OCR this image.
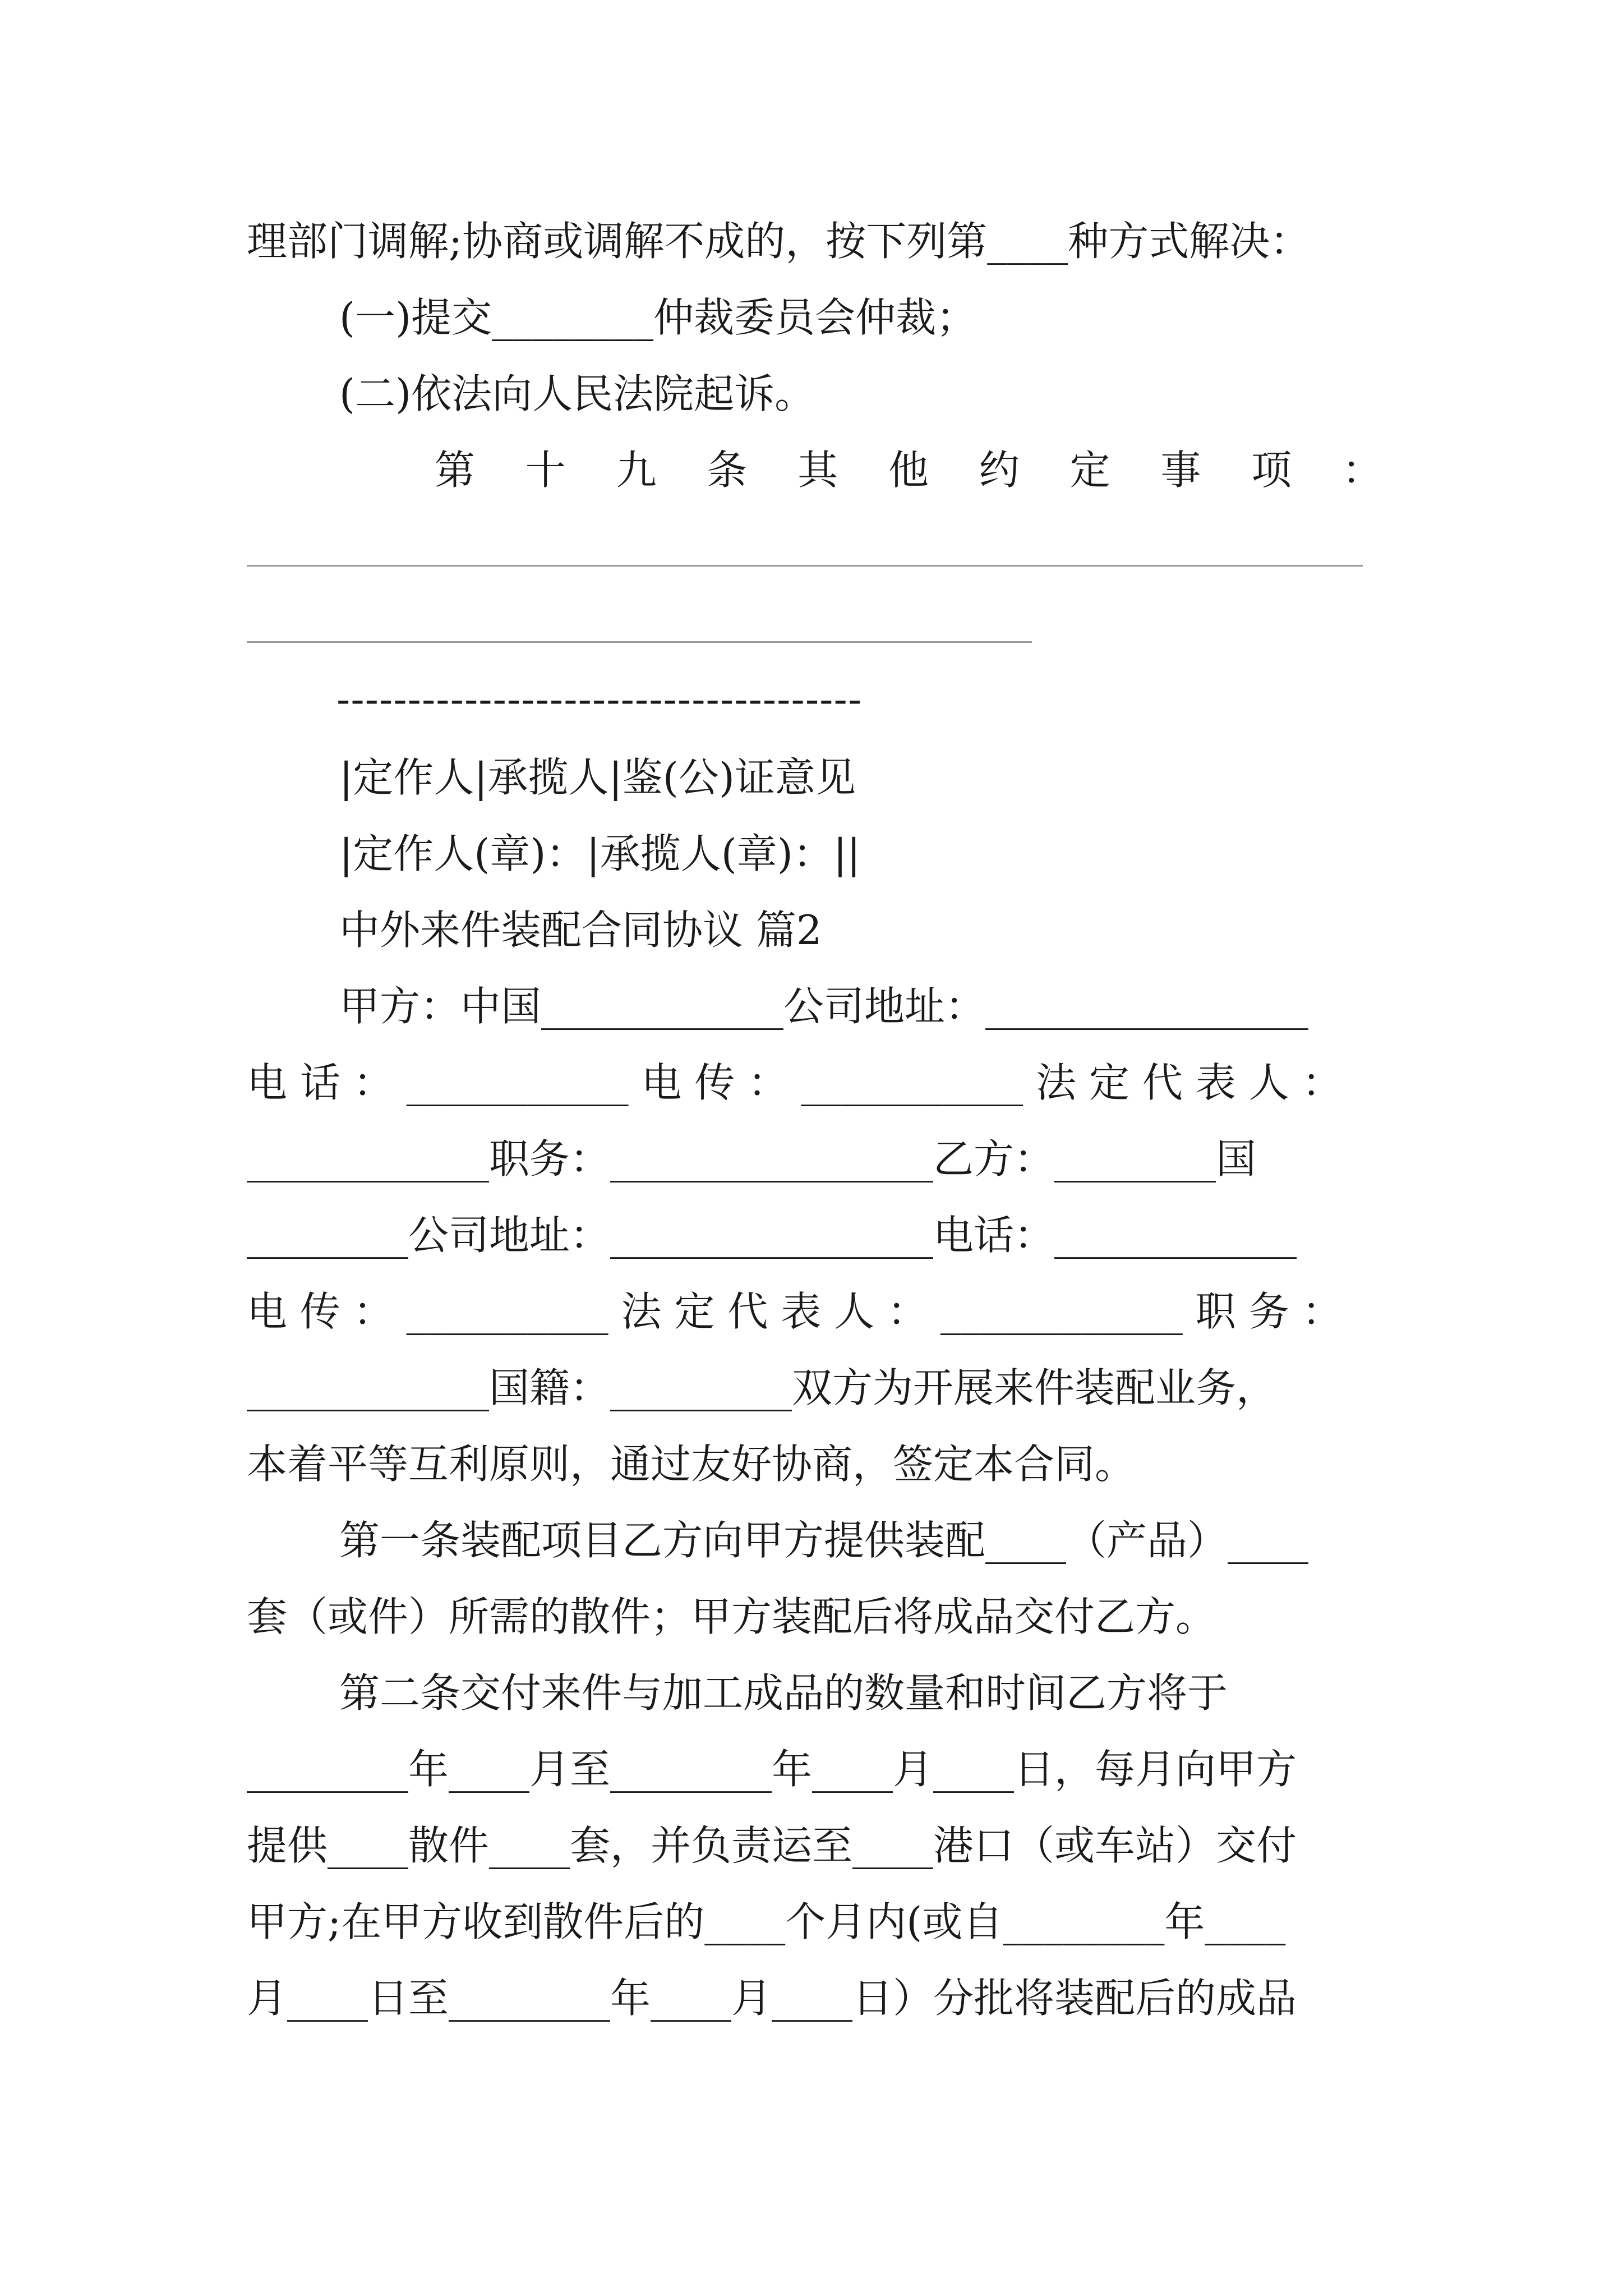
理部门调解;协商或调解不成的，按下列第____种方式解决：
(一)提交________仲裁委员会仲裁；
(二)依法向人民法院起诉。
第 十 九 条 其 他 约 定 事 项 ：
-------------------------------------
|定作人|承揽人|鉴(公)证意见
|定作人(章)：|承揽人(章)：||
中外来件装配合同协议 篇2
甲方：中国____________公司地址：________________
电 话 ： ___________ 电 传 ： ___________ 法 定 代 表 人 ：
____________职务：________________乙方：________国
________公司地址：________________电话：____________
电 传 ： __________ 法 定 代 表 人 ： ____________ 职 务 ：
____________国籍：_________双方为开展来件装配业务，
本着平等互利原则，通过友好协商，签定本合同。
第一条装配项目乙方向甲方提供装配____（产品）____
套（或件）所需的散件；甲方装配后将成品交付乙方。
第二条交付来件与加工成品的数量和时间乙方将于
________年____月至________年____月____日，每月向甲方
提供____散件____套，并负责运至____港口（或车站）交付
甲方;在甲方收到散件后的____个月内(或自________年____
月____日至________年____月____日）分批将装配后的成品
